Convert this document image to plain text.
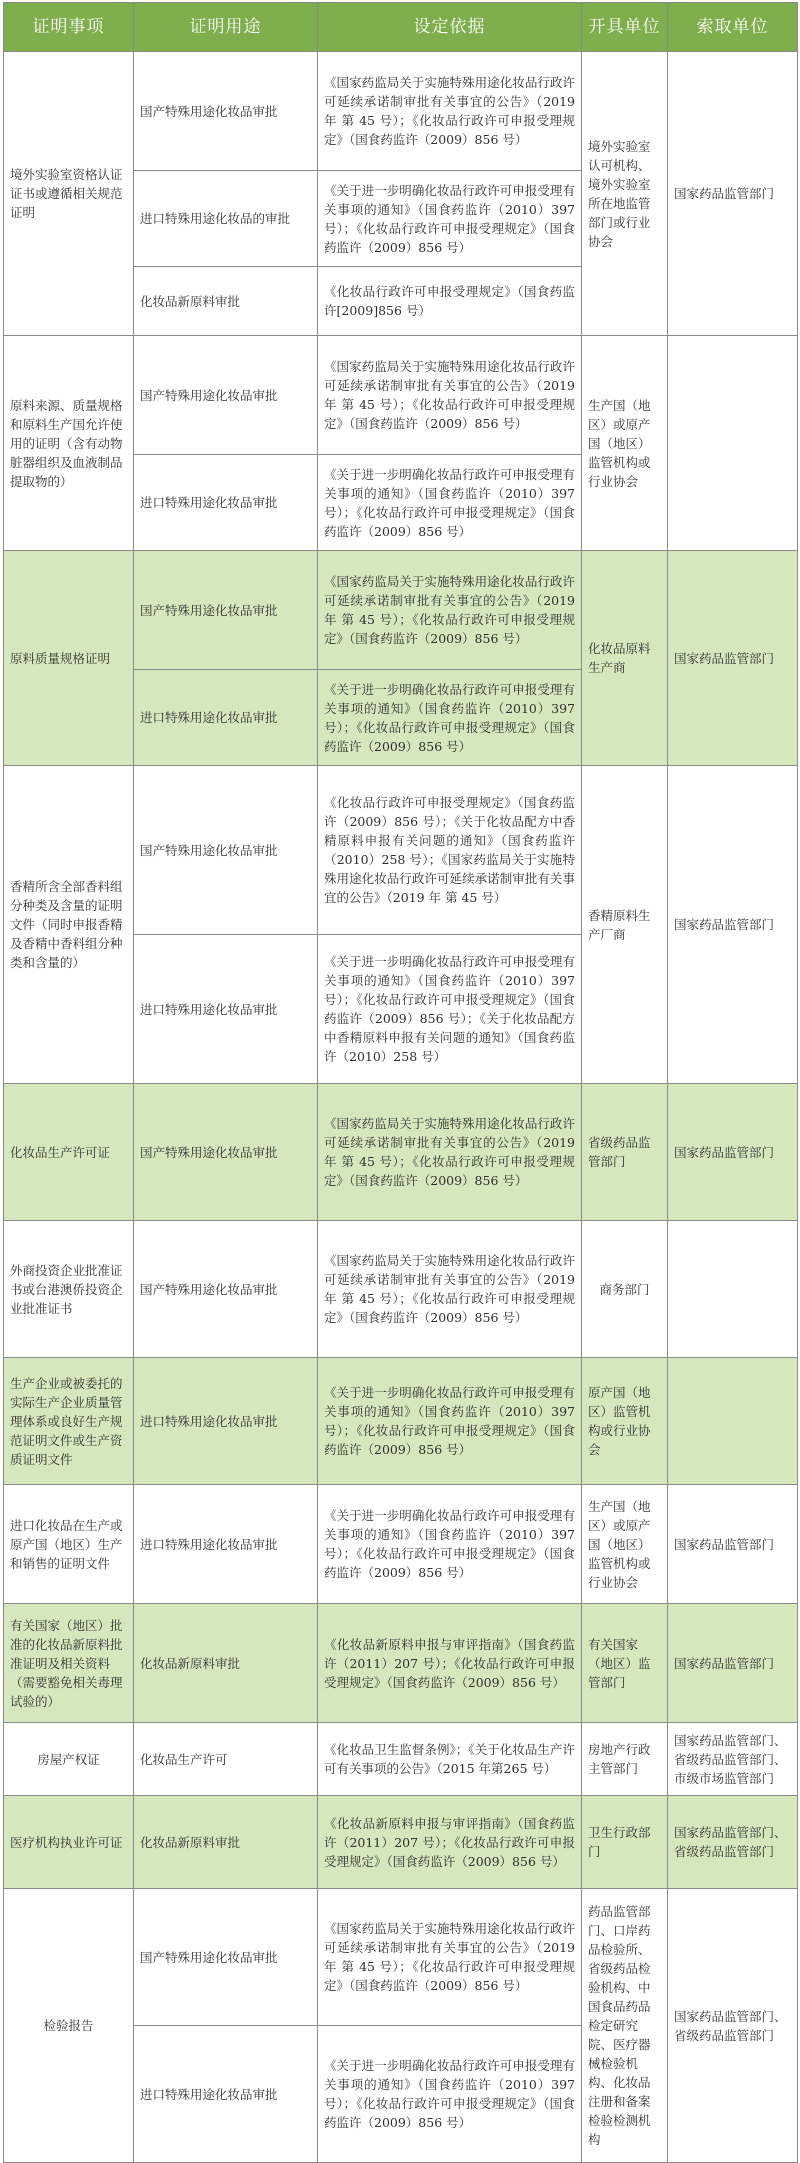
证明事项	证明用途	设定依据	开具单位	索取单位
境外实验室资格认证证书或遵循相关规范证明	国产特殊用途化妆品审批	《国家药监局关于实施特殊用途化妆品行政许可延续承诺制审批有关事宜的公告》（2019 年 第 45 号）；《化妆品行政许可申报受理规定》（国食药监许（2009）856 号）	境外实验室认可机构、境外实验室所在地监管部门或行业协会	国家药品监管部门
	进口特殊用途化妆品的审批	《关于进一步明确化妆品行政许可申报受理有关事项的通知》（国食药监许（2010）397 号）；《化妆品行政许可申报受理规定》（国食药监许（2009）856 号）		
	化妆品新原料审批	《化妆品行政许可申报受理规定》（国食药监许[2009]856 号）		
原料来源、质量规格和原料生产国允许使用的证明（含有动物脏器组织及血液制品提取物的）	国产特殊用途化妆品审批	《国家药监局关于实施特殊用途化妆品行政许可延续承诺制审批有关事宜的公告》（2019 年 第 45 号）；《化妆品行政许可申报受理规定》（国食药监许（2009）856 号）	生产国（地区）或原产国（地区）监管机构或行业协会	
	进口特殊用途化妆品审批	《关于进一步明确化妆品行政许可申报受理有关事项的通知》（国食药监许（2010）397 号）；《化妆品行政许可申报受理规定》（国食药监许（2009）856 号）		
原料质量规格证明	国产特殊用途化妆品审批	《国家药监局关于实施特殊用途化妆品行政许可延续承诺制审批有关事宜的公告》（2019 年 第 45 号）；《化妆品行政许可申报受理规定》（国食药监许（2009）856 号）	化妆品原料生产商	国家药品监管部门
	进口特殊用途化妆品审批	《关于进一步明确化妆品行政许可申报受理有关事项的通知》（国食药监许（2010）397 号）；《化妆品行政许可申报受理规定》（国食药监许（2009）856 号）		
香精所含全部香料组分种类及含量的证明文件（同时申报香精及香精中香料组分种类和含量的）	国产特殊用途化妆品审批	《化妆品行政许可申报受理规定》（国食药监许（2009）856 号）；《关于化妆品配方中香精原料申报有关问题的通知》（国食药监许（2010）258 号）；《国家药监局关于实施特殊用途化妆品行政许可延续承诺制审批有关事宜的公告》（2019 年 第 45 号）	香精原料生产厂商	国家药品监管部门
	进口特殊用途化妆品审批	《关于进一步明确化妆品行政许可申报受理有关事项的通知》（国食药监许（2010）397 号）；《化妆品行政许可申报受理规定》（国食药监许（2009）856 号）；《关于化妆品配方中香精原料申报有关问题的通知》（国食药监许（2010）258 号）		
化妆品生产许可证	国产特殊用途化妆品审批	《国家药监局关于实施特殊用途化妆品行政许可延续承诺制审批有关事宜的公告》（2019 年 第 45 号）；《化妆品行政许可申报受理规定》（国食药监许（2009）856 号）	省级药品监管部门	国家药品监管部门
外商投资企业批准证书或台港澳侨投资企业批准证书	国产特殊用途化妆品审批	《国家药监局关于实施特殊用途化妆品行政许可延续承诺制审批有关事宜的公告》（2019 年 第 45 号）；《化妆品行政许可申报受理规定》（国食药监许（2009）856 号）	商务部门	
生产企业或被委托的实际生产企业质量管理体系或良好生产规范证明文件或生产资质证明文件	进口特殊用途化妆品审批	《关于进一步明确化妆品行政许可申报受理有关事项的通知》（国食药监许（2010）397 号）；《化妆品行政许可申报受理规定》（国食药监许（2009）856 号）	原产国（地区）监管机构或行业协会	
进口化妆品在生产或原产国（地区）生产和销售的证明文件	进口特殊用途化妆品审批	《关于进一步明确化妆品行政许可申报受理有关事项的通知》（国食药监许（2010）397 号）；《化妆品行政许可申报受理规定》（国食药监许（2009）856 号）	生产国（地区）或原产国（地区）监管机构或行业协会	国家药品监管部门
有关国家（地区）批准的化妆品新原料批准证明及相关资料（需要豁免相关毒理试验的）	化妆品新原料审批	《化妆品新原料申报与审评指南》（国食药监许（2011）207 号）；《化妆品行政许可申报受理规定》（国食药监许（2009）856 号）	有关国家（地区）监管部门	国家药品监管部门
房屋产权证	化妆品生产许可	《化妆品卫生监督条例》；《关于化妆品生产许可有关事项的公告》（2015 年第265 号）	房地产行政主管部门	国家药品监管部门、省级药品监管部门、市级市场监管部门
医疗机构执业许可证	化妆品新原料审批	《化妆品新原料申报与审评指南》（国食药监许（2011）207 号）；《化妆品行政许可申报受理规定》（国食药监许（2009）856 号）	卫生行政部门	国家药品监管部门、省级药品监管部门
检验报告	国产特殊用途化妆品审批	《国家药监局关于实施特殊用途化妆品行政许可延续承诺制审批有关事宜的公告》（2019 年 第 45 号）；《化妆品行政许可申报受理规定》（国食药监许（2009）856 号）	药品监管部门、口岸药品检验所、省级药品检验机构、中国食品药品检定研究院、医疗器械检验机构、化妆品注册和备案检验检测机构	国家药品监管部门、省级药品监管部门
	进口特殊用途化妆品审批	《关于进一步明确化妆品行政许可申报受理有关事项的通知》（国食药监许（2010）397 号）；《化妆品行政许可申报受理规定》（国食药监许（2009）856 号）		
